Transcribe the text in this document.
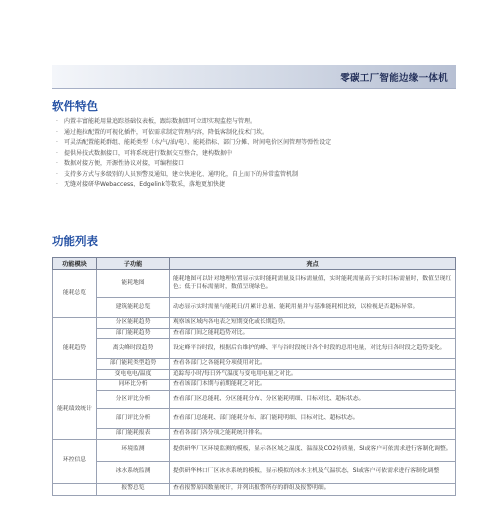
零碳工厂智能边缘一体机
软件特色
· 内置丰富能耗用量追踪基础仪表板，跟综数据即可立即实现监控与管理。
· 通过拖拉配置的可视化插件，可依需求制定管理内容，降低客制化技术门坎。
· 可灵活配置能耗群组、能耗类型（水/气/油/电）、能耗指标、部门分摊、时间电价区间管理等弹性设定
· 提供异技式数据接口，可将系统进行数据交互整合，建构数据中
· 数据对接方便，开源性协议对接，可编程接口
· 支持多方式与多级别的人员预警及通知，建立快速化、通明化，自上而下的异常监管机制
· 无缝对接研华Webaccess、Edgelink等数采，落地更加快捷
功能列表
功能模块	子功能	亮点
能耗总览	能耗地图	能耗地图可以针对地理位置显示实时能耗需量及目标需量值，实时能耗需量高于实时目标需量时，数值呈现红色；低于目标需量时，数值呈现绿色。
	建筑能耗总览	动态显示实时需量与能耗日/月累计总量、能耗用量并与基准能耗相比较，以检视是否超标异常。
能耗趋势	分区能耗趋势	观察该区域内各电表之短期变化或长期趋势。
	部门能耗趋势	查看部门间之能耗趋势对比。
	离尖峰时段趋势	设定峰平谷时段，根据后台维护的峰、平与谷时段统计各个时段的总用电量，对比每日各时段之趋势变化。
	部门能耗类型趋势	查看各部门之各能耗分项使用对比。
	变电电电/温度	追踪每小时/每日外气温度与变电用电量之对比。
能耗绩效统计	同环比分析	查看该部门本期与前期能耗之对比。
	分区评比分析	查看部门区总能耗、分区能耗分布、分区能耗明细、目标对比、超标状态。
	部门评比分析	查看部门总能耗、部门能耗分布、部门能耗明细、目标对比、超标状态。
	部门能耗报表	查看各部门各分项之能耗统计排名。
环控信息	环境监测	提供研华厂区环境监测的模板，显示各区域之温度、温湿及CO2待质量，SI或客户可依需求进行客制化调整。
	冰水系统监测	提供研华林口厂区冰水系统的模板，显示模拟的冰水主机及气温状态，SI或客户可依需求进行客制化调整
	报警总览	查看报警原因数量统计，并列出报警所存的群组及报警明细。
